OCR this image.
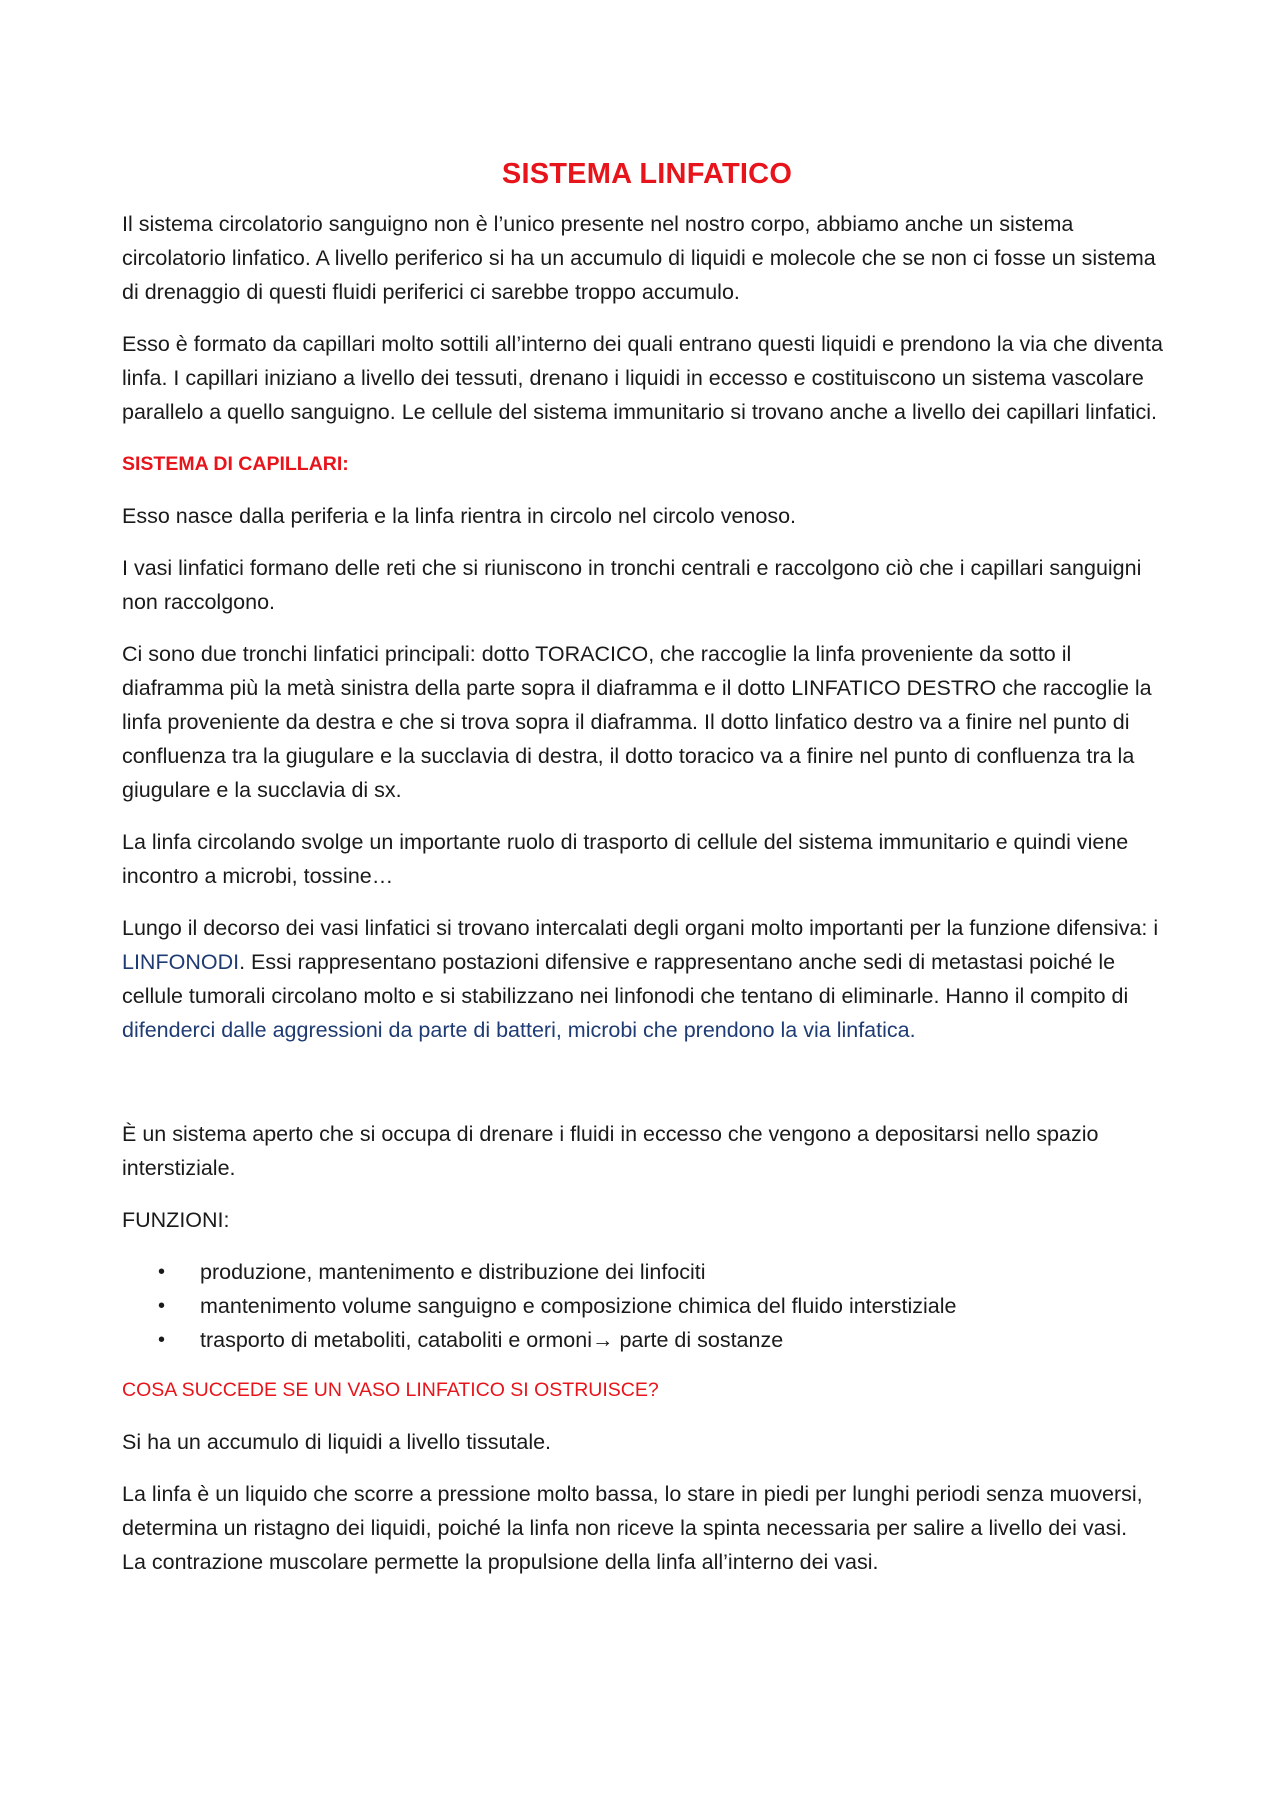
SISTEMA LINFATICO

Il sistema circolatorio sanguigno non è l’unico presente nel nostro corpo, abbiamo anche un sistema circolatorio linfatico. A livello periferico si ha un accumulo di liquidi e molecole che se non ci fosse un sistema di drenaggio di questi fluidi periferici ci sarebbe troppo accumulo.

Esso è formato da capillari molto sottili all’interno dei quali entrano questi liquidi e prendono la via che diventa linfa. I capillari iniziano a livello dei tessuti, drenano i liquidi in eccesso e costituiscono un sistema vascolare parallelo a quello sanguigno. Le cellule del sistema immunitario si trovano anche a livello dei capillari linfatici.

SISTEMA DI CAPILLARI:

Esso nasce dalla periferia e la linfa rientra in circolo nel circolo venoso.

I vasi linfatici formano delle reti che si riuniscono in tronchi centrali e raccolgono ciò che i capillari sanguigni non raccolgono.

Ci sono due tronchi linfatici principali: dotto TORACICO, che raccoglie la linfa proveniente da sotto il diaframma più la metà sinistra della parte sopra il diaframma e il dotto LINFATICO DESTRO che raccoglie la linfa proveniente da destra e che si trova sopra il diaframma. Il dotto linfatico destro va a finire nel punto di confluenza tra la giugulare e la succlavia di destra, il dotto toracico va a finire nel punto di confluenza tra la giugulare e la succlavia di sx.

La linfa circolando svolge un importante ruolo di trasporto di cellule del sistema immunitario e quindi viene incontro a microbi, tossine…

Lungo il decorso dei vasi linfatici si trovano intercalati degli organi molto importanti per la funzione difensiva: i LINFONODI. Essi rappresentano postazioni difensive e rappresentano anche sedi di metastasi poiché le cellule tumorali circolano molto e si stabilizzano nei linfonodi che tentano di eliminarle. Hanno il compito di difenderci dalle aggressioni da parte di batteri, microbi che prendono la via linfatica.

È un sistema aperto che si occupa di drenare i fluidi in eccesso che vengono a depositarsi nello spazio interstiziale.

FUNZIONI:

• produzione, mantenimento e distribuzione dei linfociti
• mantenimento volume sanguigno e composizione chimica del fluido interstiziale
• trasporto di metaboliti, cataboliti e ormoni→ parte di sostanze
COSA SUCCEDE SE UN VASO LINFATICO SI OSTRUISCE?

Si ha un accumulo di liquidi a livello tissutale.

La linfa è un liquido che scorre a pressione molto bassa, lo stare in piedi per lunghi periodi senza muoversi, determina un ristagno dei liquidi, poiché la linfa non riceve la spinta necessaria per salire a livello dei vasi.

La contrazione muscolare permette la propulsione della linfa all’interno dei vasi.
